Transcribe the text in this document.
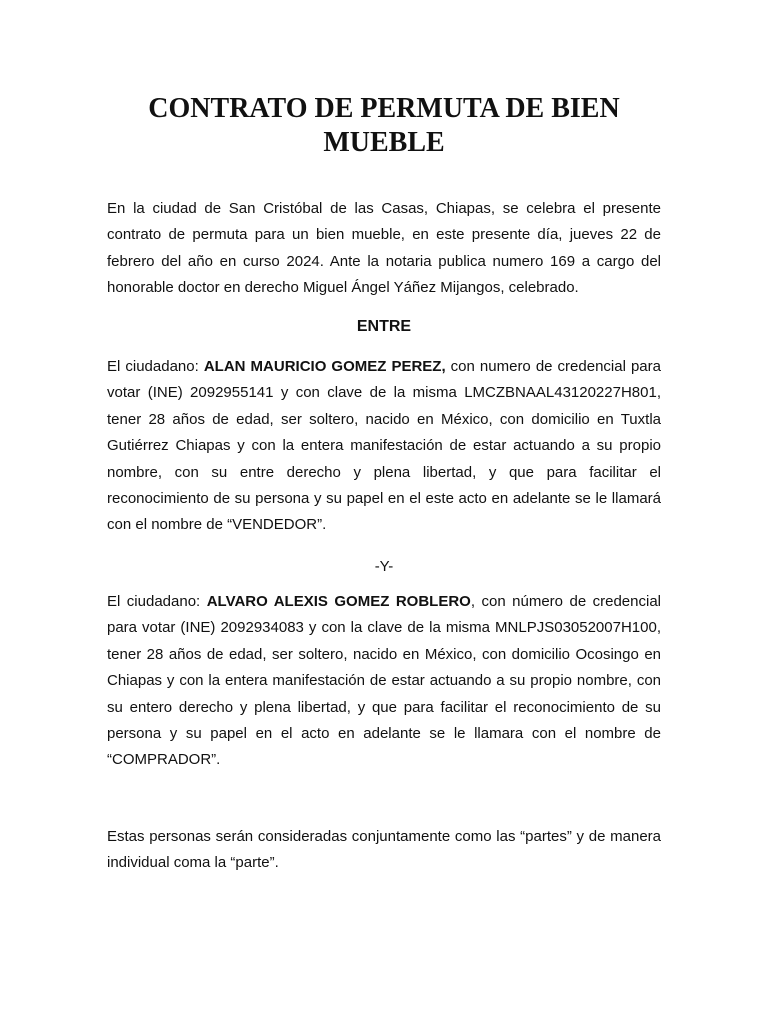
CONTRATO DE PERMUTA DE BIEN
MUEBLE

En la ciudad de San Cristóbal de las Casas, Chiapas, se celebra el presente contrato de permuta para un bien mueble, en este presente día, jueves 22 de febrero del año en curso 2024. Ante la notaria publica numero 169 a cargo del honorable doctor en derecho Miguel Ángel Yáñez Mijangos, celebrado.

ENTRE

El ciudadano: ALAN MAURICIO GOMEZ PEREZ, con numero de credencial para votar (INE) 2092955141 y con clave de la misma LMCZBNAAL43120227H801, tener 28 años de edad, ser soltero, nacido en México, con domicilio en Tuxtla Gutiérrez Chiapas y con la entera manifestación de estar actuando a su propio nombre, con su entre derecho y plena libertad, y que para facilitar el reconocimiento de su persona y su papel en el este acto en adelante se le llamará con el nombre de “VENDEDOR”.

-Y-

El ciudadano: ALVARO ALEXIS GOMEZ ROBLERO, con número de credencial para votar (INE) 2092934083 y con la clave de la misma MNLPJS03052007H100, tener 28 años de edad, ser soltero, nacido en México, con domicilio Ocosingo en Chiapas y con la entera manifestación de estar actuando a su propio nombre, con su entero derecho y plena libertad, y que para facilitar el reconocimiento de su persona y su papel en el acto en adelante se le llamara con el nombre de “COMPRADOR”.

Estas personas serán consideradas conjuntamente como las “partes” y de manera individual coma la “parte”.
